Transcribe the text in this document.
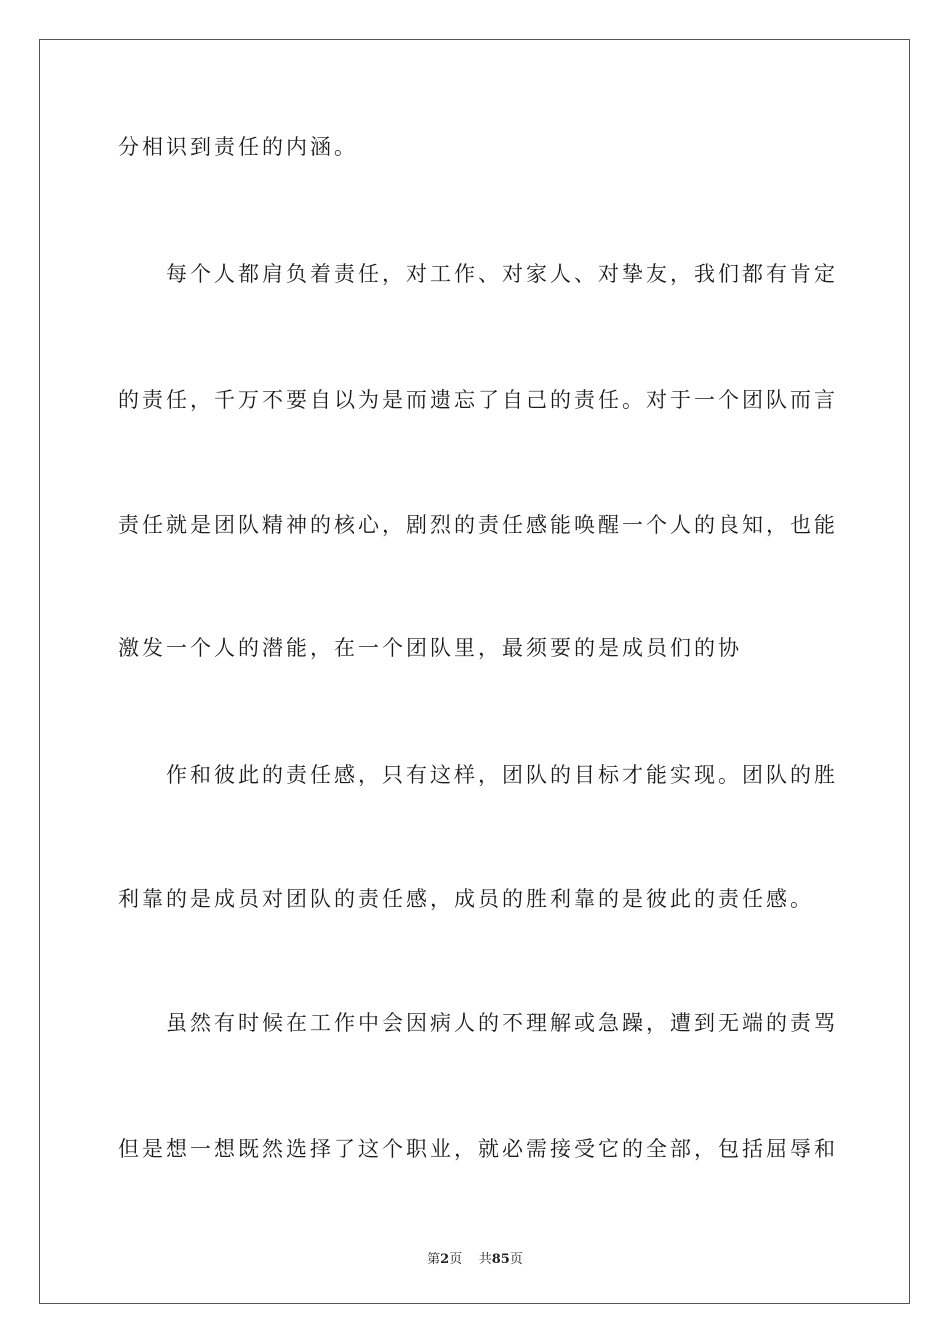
分相识到责任的内涵。
每个人都肩负着责任，对工作、对家人、对挚友，我们都有肯定
的责任，千万不要自以为是而遗忘了自己的责任。对于一个团队而言
责任就是团队精神的核心，剧烈的责任感能唤醒一个人的良知，也能
激发一个人的潜能，在一个团队里，最须要的是成员们的协
作和彼此的责任感，只有这样，团队的目标才能实现。团队的胜
利靠的是成员对团队的责任感，成员的胜利靠的是彼此的责任感。
虽然有时候在工作中会因病人的不理解或急躁，遭到无端的责骂
但是想一想既然选择了这个职业，就必需接受它的全部，包括屈辱和
第2页 共85页
